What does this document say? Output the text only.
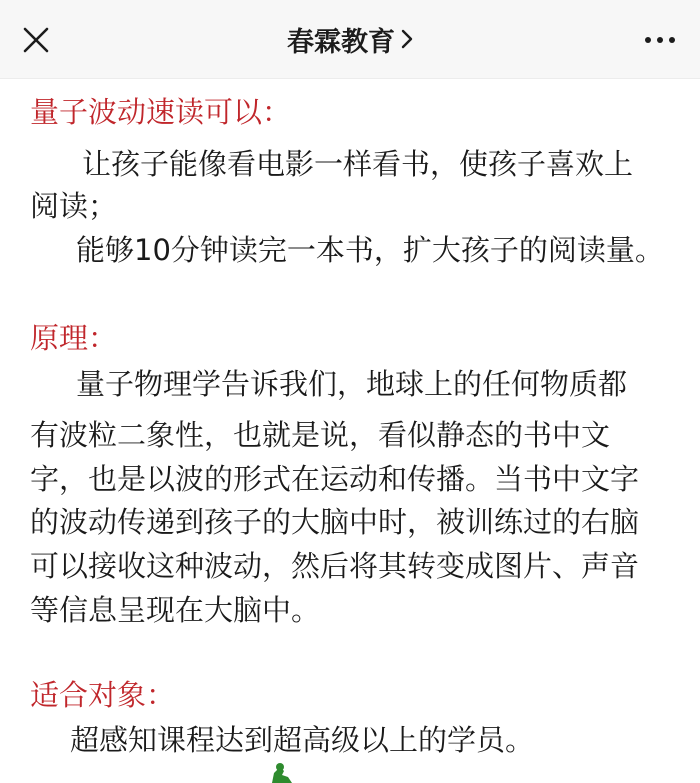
春霖教育
量子波动速读可以：
让孩子能像看电影一样看书，使孩子喜欢上
阅读；
能够10分钟读完一本书，扩大孩子的阅读量。
原理：
量子物理学告诉我们，地球上的任何物质都
有波粒二象性，也就是说，看似静态的书中文
字，也是以波的形式在运动和传播。当书中文字
的波动传递到孩子的大脑中时，被训练过的右脑
可以接收这种波动，然后将其转变成图片、声音
等信息呈现在大脑中。
适合对象：
超感知课程达到超高级以上的学员。
